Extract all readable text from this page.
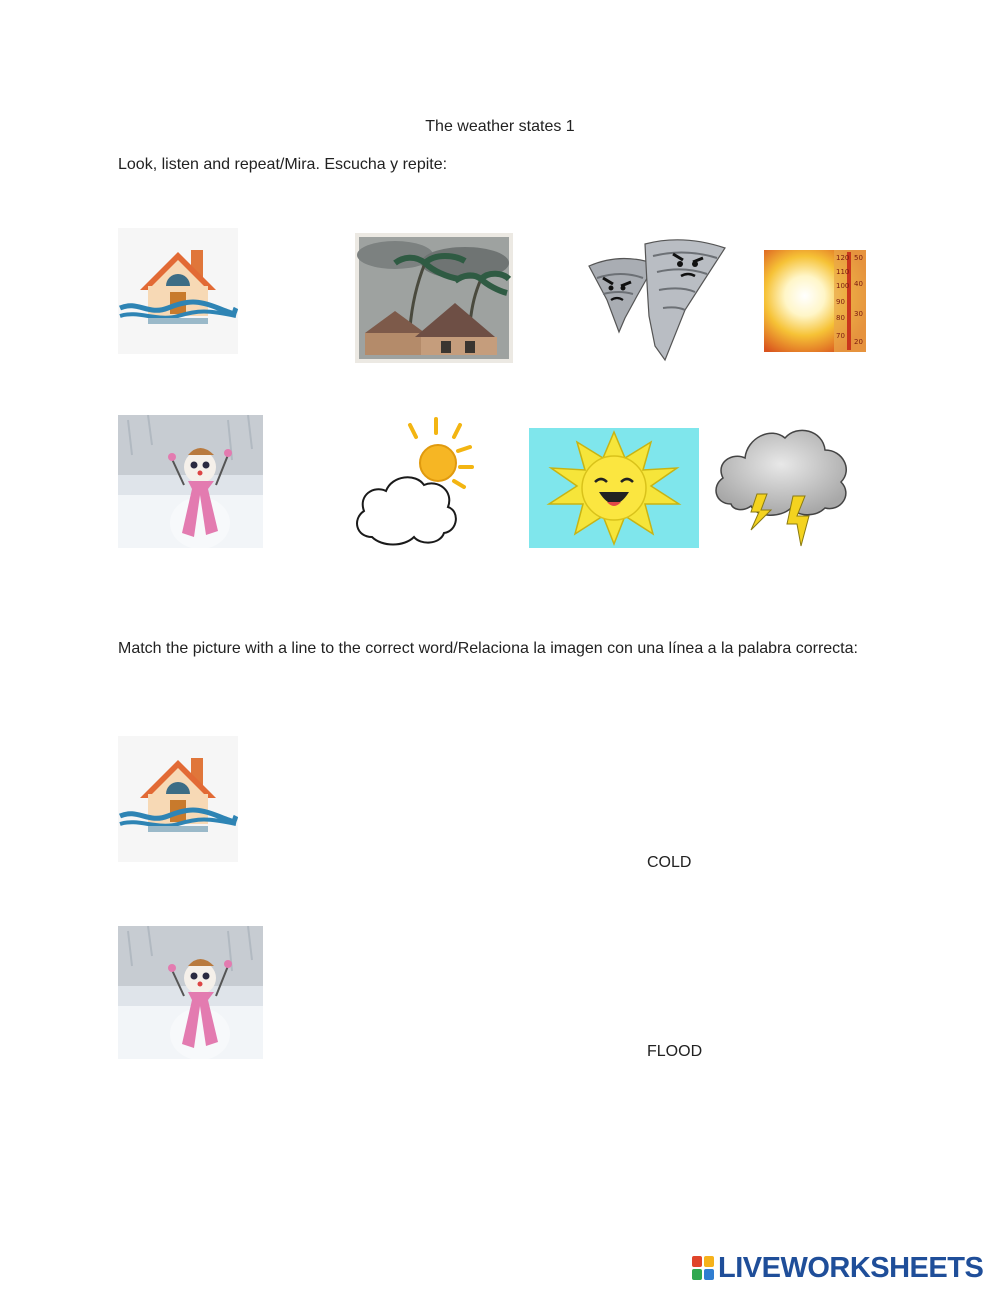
The weather states 1
Look, listen and repeat/Mira. Escucha y repite:
120 50
110
100 40
90
80 30
70
20
Match the picture with a line to the correct word/Relaciona la imagen con una línea a la palabra correcta:
COLD
FLOOD
LIVEWORKSHEETS
